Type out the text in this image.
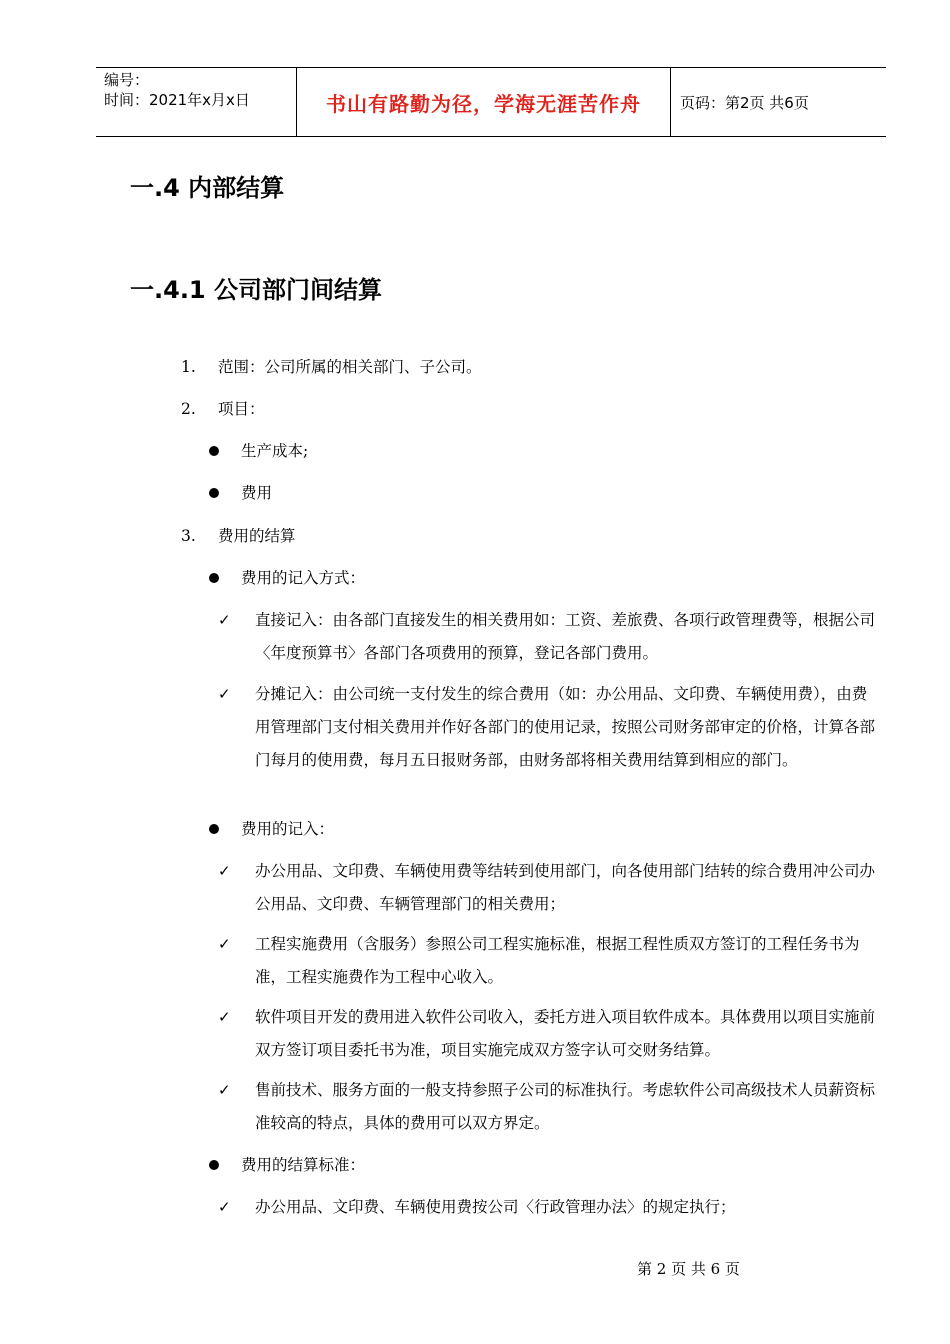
编号：
时间：2021年x月x日	书山有路勤为径，学海无涯苦作舟	页码：第2页 共6页
一.4 内部结算
一.4.1 公司部门间结算
1.	范围：公司所属的相关部门、子公司。
2.	项目：
生产成本;
费用
3.	费用的结算
费用的记入方式：
✓ 直接记入：由各部门直接发生的相关费用如：工资、差旅费、各项行政管理费等，根据公司〈年度预算书〉各部门各项费用的预算，登记各部门费用。
✓ 分摊记入：由公司统一支付发生的综合费用（如：办公用品、文印费、车辆使用费），由费用管理部门支付相关费用并作好各部门的使用记录，按照公司财务部审定的价格，计算各部门每月的使用费，每月五日报财务部，由财务部将相关费用结算到相应的部门。
费用的记入：
✓ 办公用品、文印费、车辆使用费等结转到使用部门，向各使用部门结转的综合费用冲公司办公用品、文印费、车辆管理部门的相关费用；
✓ 工程实施费用（含服务）参照公司工程实施标准，根据工程性质双方签订的工程任务书为准，工程实施费作为工程中心收入。
✓ 软件项目开发的费用进入软件公司收入，委托方进入项目软件成本。具体费用以项目实施前双方签订项目委托书为准，项目实施完成双方签字认可交财务结算。
✓ 售前技术、服务方面的一般支持参照子公司的标准执行。考虑软件公司高级技术人员薪资标准较高的特点，具体的费用可以双方界定。
费用的结算标准：
✓ 办公用品、文印费、车辆使用费按公司〈行政管理办法〉的规定执行；
第 2 页 共 6 页
